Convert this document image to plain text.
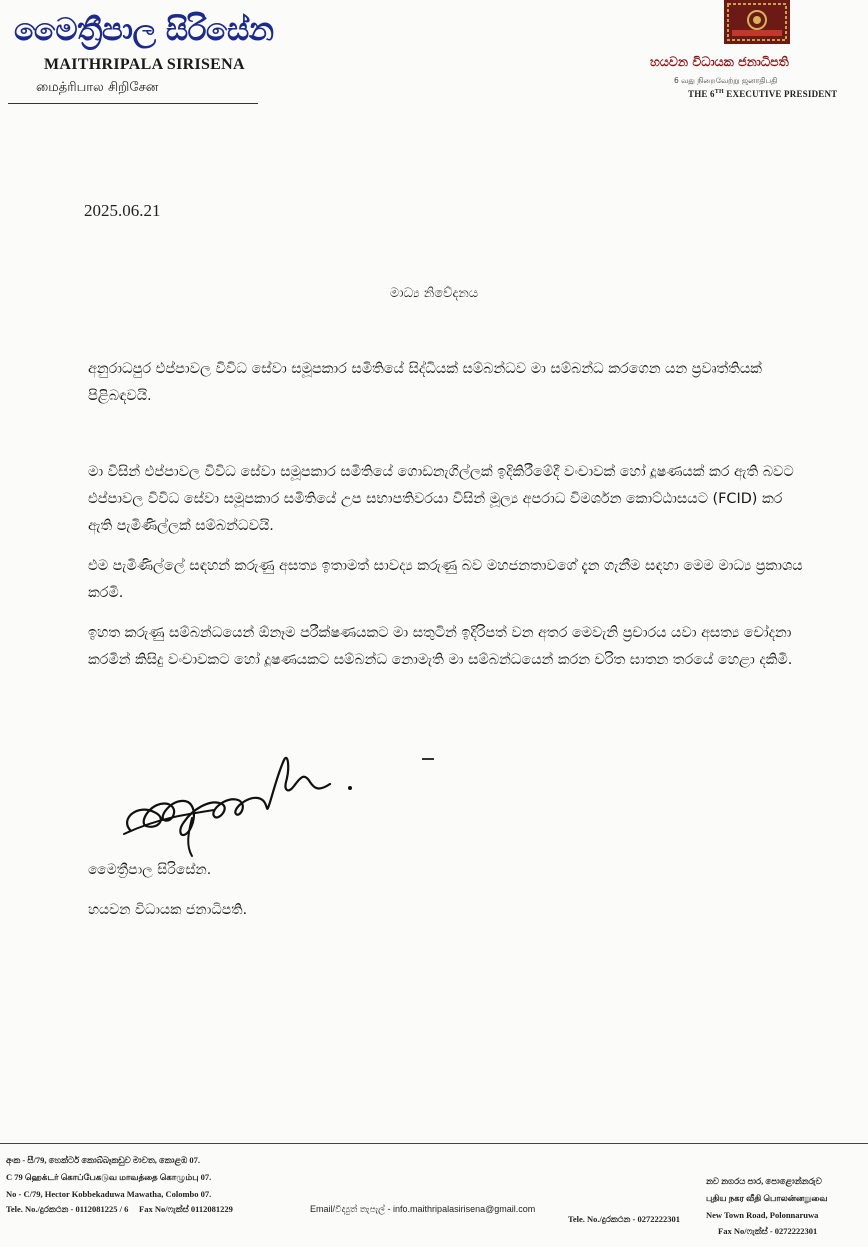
මෛත්‍රීපාල සිරිසේන
MAITHRIPALA SIRISENA
மைத்ரிபால சிறிசேன
හයවන විධායක ජනාධිපති
6 வது நிறைவேற்று ஜனாதிபதி
THE 6TH EXECUTIVE PRESIDENT
2025.06.21
මාධ්‍ය නිවේදනය
අනුරාධපුර එප්පාවල විවිධ සේවා සමූපකාර සමිතියේ සිද්ධියක් සම්බන්ධව මා සම්බන්ධ කරගෙන යන ප්‍රවෘත්තියක් පිළිබඳවයි.
මා විසින් එප්පාවල විවිධ සේවා සමූපකාර සමිතියේ ගොඩනැගිල්ලක් ඉදිකිරීමේදී වංචාවක් හෝ දූෂණයක් කර ඇති බවට එප්පාවල විවිධ සේවා සමූපකාර සමිතියේ උප සභාපතිවරයා විසින් මූල්‍ය අපරාධ විමර්ශන කොට්ඨාසයට (FCID) කර ඇති පැමිණිල්ලක් සම්බන්ධවයි.
එම පැමිණිල්ලේ සඳහන් කරුණු අසත්‍ය ඉතාමත් සාවද්‍ය කරුණු බව මහජනතාවගේ දැන ගැනීම සඳහා මෙම මාධ්‍ය ප්‍රකාශය කරමි.
ඉහත කරුණු සම්බන්ධයෙන් ඕනෑම පරීක්ෂණයකට මා සතුටින් ඉදිරිපත් වන අතර මෙවැනි ප්‍රචාරය යවා අසත්‍ය චෝදනා කරමින් කිසිදු වංචාවකට හෝ දූෂණයකට සම්බන්ධ නොමැති මා සම්බන්ධයෙන් කරන චරිත ඝාතන තරයේ හෙළා දකිමි.
මෛත්‍රීපාල සිරිසේන.
හයවන විධායක ජනාධිපති.
අංක - සී/79, හෙක්ටර් කොබ්බෑකඩුව මාවත, කොළඹ 07.
C 79 ஹெக்டர் கொப்பேகடுவ மாவத்தை கொழும்பு 07.
No - C/79, Hector Kobbekaduwa Mawatha, Colombo 07.
Tele. No./දුරකථන - 0112081225 / 6 Fax No/ෆැක්ස් 0112081229	Email/විද්‍යුත් තැපැල් - info.maithripalasirisena@gmail.com
Tele. No./දුරකථන - 0272222301
නව නගරය පාර, පොළොන්නරුව
புதிய நகர வீதி பொலன்னறுவை
New Town Road, Polonnaruwa
Fax No/ෆැක්ස් - 0272222301
